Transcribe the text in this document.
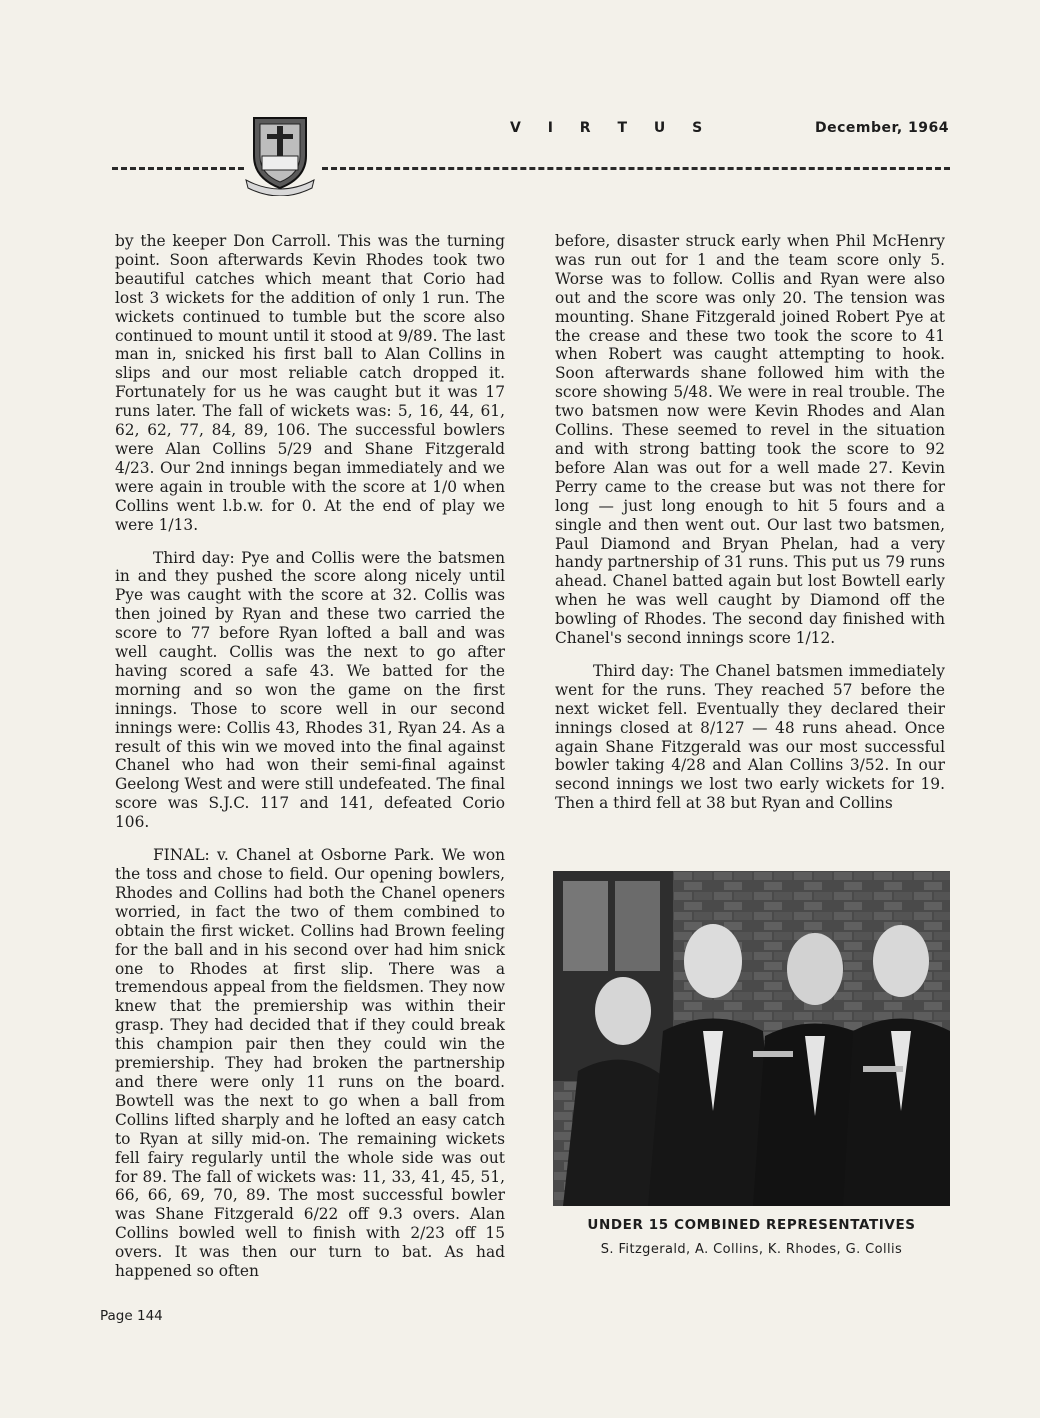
V I R T U S	December, 1964

by the keeper Don Carroll. This was the turning point. Soon afterwards Kevin Rhodes took two beautiful catches which meant that Corio had lost 3 wickets for the addition of only 1 run. The wickets continued to tumble but the score also continued to mount until it stood at 9/89. The last man in, snicked his first ball to Alan Collins in slips and our most reliable catch dropped it. Fortunately for us he was caught but it was 17 runs later. The fall of wickets was: 5, 16, 44, 61, 62, 62, 77, 84, 89, 106. The successful bowlers were Alan Collins 5/29 and Shane Fitzgerald 4/23. Our 2nd innings began immediately and we were again in trouble with the score at 1/0 when Collins went l.b.w. for 0. At the end of play we were 1/13.

Third day: Pye and Collis were the batsmen in and they pushed the score along nicely until Pye was caught with the score at 32. Collis was then joined by Ryan and these two carried the score to 77 before Ryan lofted a ball and was well caught. Collis was the next to go after having scored a safe 43. We batted for the morning and so won the game on the first innings. Those to score well in our second innings were: Collis 43, Rhodes 31, Ryan 24. As a result of this win we moved into the final against Chanel who had won their semi-final against Geelong West and were still undefeated. The final score was S.J.C. 117 and 141, defeated Corio 106.

FINAL: v. Chanel at Osborne Park. We won the toss and chose to field. Our opening bowlers, Rhodes and Collins had both the Chanel openers worried, in fact the two of them combined to obtain the first wicket. Collins had Brown feeling for the ball and in his second over had him snick one to Rhodes at first slip. There was a tremendous appeal from the fieldsmen. They now knew that the premiership was within their grasp. They had decided that if they could break this champion pair then they could win the premiership. They had broken the partnership and there were only 11 runs on the board. Bowtell was the next to go when a ball from Collins lifted sharply and he lofted an easy catch to Ryan at silly mid-on. The remaining wickets fell fairy regularly until the whole side was out for 89. The fall of wickets was: 11, 33, 41, 45, 51, 66, 66, 69, 70, 89. The most successful bowler was Shane Fitzgerald 6/22 off 9.3 overs. Alan Collins bowled well to finish with 2/23 off 15 overs. It was then our turn to bat. As had happened so often

before, disaster struck early when Phil McHenry was run out for 1 and the team score only 5. Worse was to follow. Collis and Ryan were also out and the score was only 20. The tension was mounting. Shane Fitzgerald joined Robert Pye at the crease and these two took the score to 41 when Robert was caught attempting to hook. Soon afterwards shane followed him with the score showing 5/48. We were in real trouble. The two batsmen now were Kevin Rhodes and Alan Collins. These seemed to revel in the situation and with strong batting took the score to 92 before Alan was out for a well made 27. Kevin Perry came to the crease but was not there for long — just long enough to hit 5 fours and a single and then went out. Our last two batsmen, Paul Diamond and Bryan Phelan, had a very handy partnership of 31 runs. This put us 79 runs ahead. Chanel batted again but lost Bowtell early when he was well caught by Diamond off the bowling of Rhodes. The second day finished with Chanel's second innings score 1/12.

Third day: The Chanel batsmen immediately went for the runs. They reached 57 before the next wicket fell. Eventually they declared their innings closed at 8/127 — 48 runs ahead. Once again Shane Fitzgerald was our most successful bowler taking 4/28 and Alan Collins 3/52. In our second innings we lost two early wickets for 19. Then a third fell at 38 but Ryan and Collins

UNDER 15 COMBINED REPRESENTATIVES
S. Fitzgerald, A. Collins, K. Rhodes, G. Collis
Page 144
